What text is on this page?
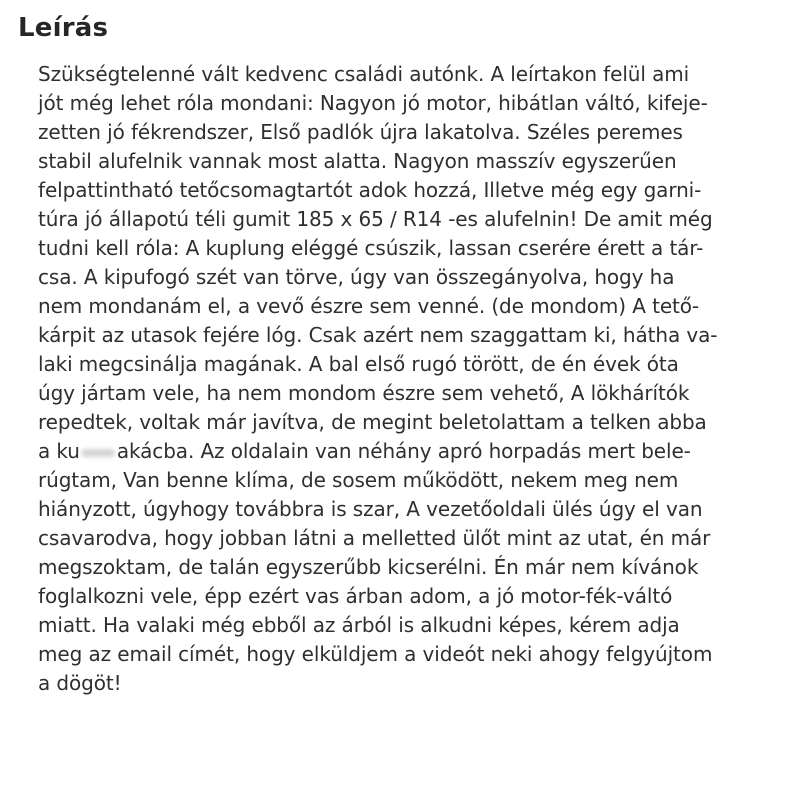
Leírás
Szükségtelenné vált kedvenc családi autónk. A leírtakon felül ami
jót még lehet róla mondani: Nagyon jó motor, hibátlan váltó, kifeje-
zetten jó fékrendszer, Első padlók újra lakatolva. Széles peremes
stabil alufelnik vannak most alatta. Nagyon masszív egyszerűen
felpattintható tetőcsomagtartót adok hozzá, Illetve még egy garni-
túra jó állapotú téli gumit 185 x 65 / R14 -es alufelnin! De amit még
tudni kell róla: A kuplung eléggé csúszik, lassan cserére érett a tár-
csa. A kipufogó szét van törve, úgy van összegányolva, hogy ha
nem mondanám el, a vevő észre sem venné. (de mondom) A tető-
kárpit az utasok fejére lóg. Csak azért nem szaggattam ki, hátha va-
laki megcsinálja magának. A bal első rugó törött, de én évek óta
úgy jártam vele, ha nem mondom észre sem vehető, A lökhárítók
repedtek, voltak már javítva, de megint beletolattam a telken abba
a ku akácba. Az oldalain van néhány apró horpadás mert bele-
rúgtam, Van benne klíma, de sosem működött, nekem meg nem
hiányzott, úgyhogy továbbra is szar, A vezetőoldali ülés úgy el van
csavarodva, hogy jobban látni a melletted ülőt mint az utat, én már
megszoktam, de talán egyszerűbb kicserélni. Én már nem kívánok
foglalkozni vele, épp ezért vas árban adom, a jó motor-fék-váltó
miatt. Ha valaki még ebből az árból is alkudni képes, kérem adja
meg az email címét, hogy elküldjem a videót neki ahogy felgyújtom
a dögöt!
